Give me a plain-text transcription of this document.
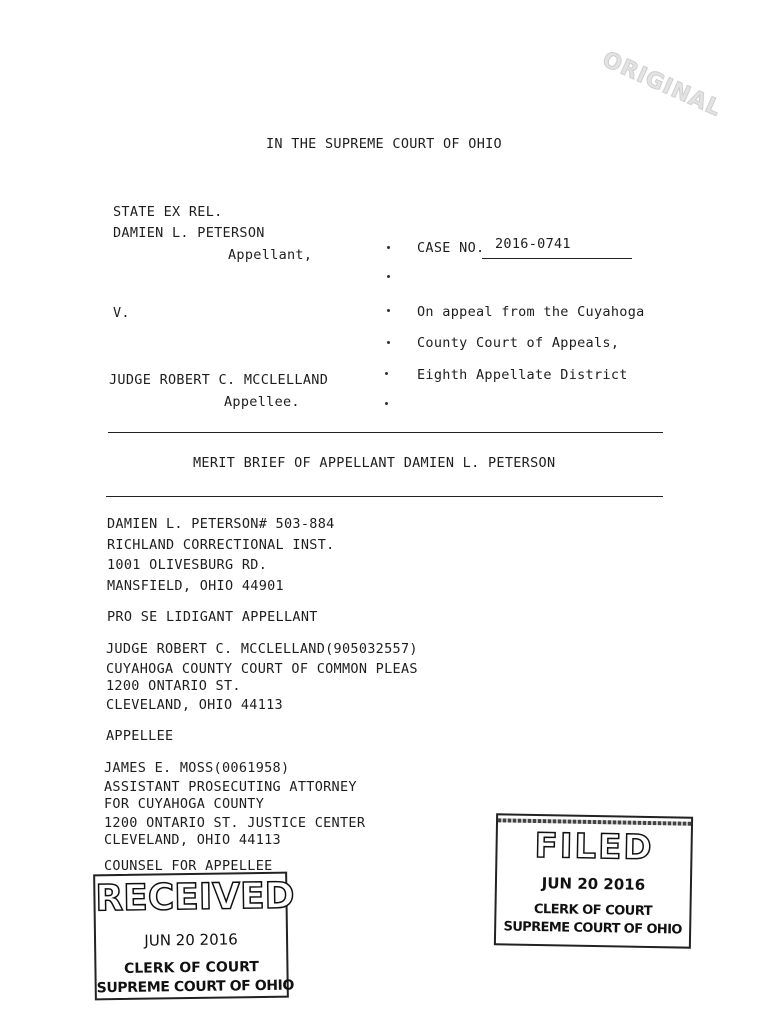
ORIGINAL
IN THE SUPREME COURT OF OHIO
STATE EX REL.
DAMIEN L. PETERSON
Appellant,
V.
JUDGE ROBERT C. MCCLELLAND
Appellee.
CASE NO. 2016-0741
On appeal from the Cuyahoga
County Court of Appeals,
Eighth Appellate District
MERIT BRIEF OF APPELLANT DAMIEN L. PETERSON
DAMIEN L. PETERSON# 503-884
RICHLAND CORRECTIONAL INST.
1001 OLIVESBURG RD.
MANSFIELD, OHIO 44901
PRO SE LIDIGANT APPELLANT
JUDGE ROBERT C. MCCLELLAND(905032557)
CUYAHOGA COUNTY COURT OF COMMON PLEAS
1200 ONTARIO ST.
CLEVELAND, OHIO 44113
APPELLEE
JAMES E. MOSS(0061958)
ASSISTANT PROSECUTING ATTORNEY
FOR CUYAHOGA COUNTY
1200 ONTARIO ST. JUSTICE CENTER
CLEVELAND, OHIO 44113
COUNSEL FOR APPELLEE	FILED
JUN 20 2016
CLERK OF COURT
SUPREME COURT OF OHIO
RECEIVED
JUN 20 2016
CLERK OF COURT
SUPREME COURT OF OHIO
